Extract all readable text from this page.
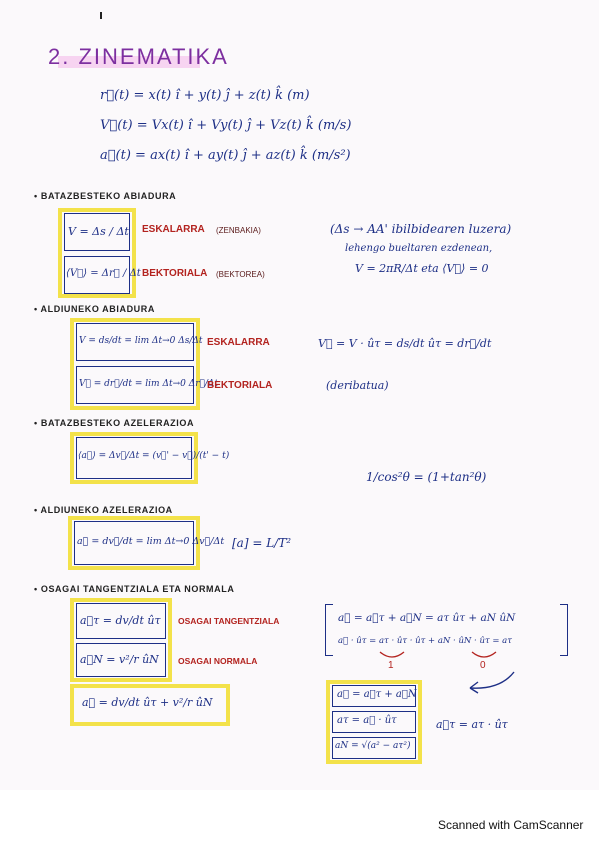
2. ZINEMATIKA
r⃗(t) = x(t) î + y(t) ĵ + z(t) k̂ (m)
V⃗(t) = Vx(t) î + Vy(t) ĵ + Vz(t) k̂ (m/s)
a⃗(t) = ax(t) î + ay(t) ĵ + az(t) k̂ (m/s²)
• BATAZBESTEKO ABIADURA
V = Δs / Δt
⟨V⃗⟩ = Δr⃗ / Δt
ESKALARRA (ZENBAKIA)
BEKTORIALA (BEKTOREA)
(Δs → AA' ibilbidearen luzera)
lehengo bueltaren ezdenean,
V = 2πR/Δt eta ⟨V⃗⟩ = 0
• ALDIUNEKO ABIADURA
V = ds/dt = lim Δt→0 Δs/Δt
V⃗ = dr⃗/dt = lim Δt→0 Δr⃗/Δt
ESKALARRA
BEKTORIALA
V⃗ = V · ûτ = ds/dt ûτ = dr⃗/dt
(deribatua)
• BATAZBESTEKO AZELERAZIOA
⟨a⃗⟩ = Δv⃗/Δt = (v⃗' − v⃗)/(t' − t)
1/cos²θ = (1+tan²θ)
• ALDIUNEKO AZELERAZIOA
a⃗ = dv⃗/dt = lim Δt→0 Δv⃗/Δt [a] = L/T²
• OSAGAI TANGENTZIALA ETA NORMALA
a⃗τ = dv/dt ûτ
a⃗N = v²/r ûN
OSAGAI TANGENTZIALA
OSAGAI NORMALA
a⃗ = dv/dt ûτ + v²/r ûN
a⃗ = a⃗τ + a⃗N = aτ ûτ + aN ûN
a⃗ · ûτ = aτ · ûτ · ûτ + aN · ûN · ûτ = aτ
1	0
a⃗ = a⃗τ + a⃗N
aτ = a⃗ · ûτ
aN = √(a² − aτ²)
a⃗τ = aτ · ûτ
Scanned with CamScanner
